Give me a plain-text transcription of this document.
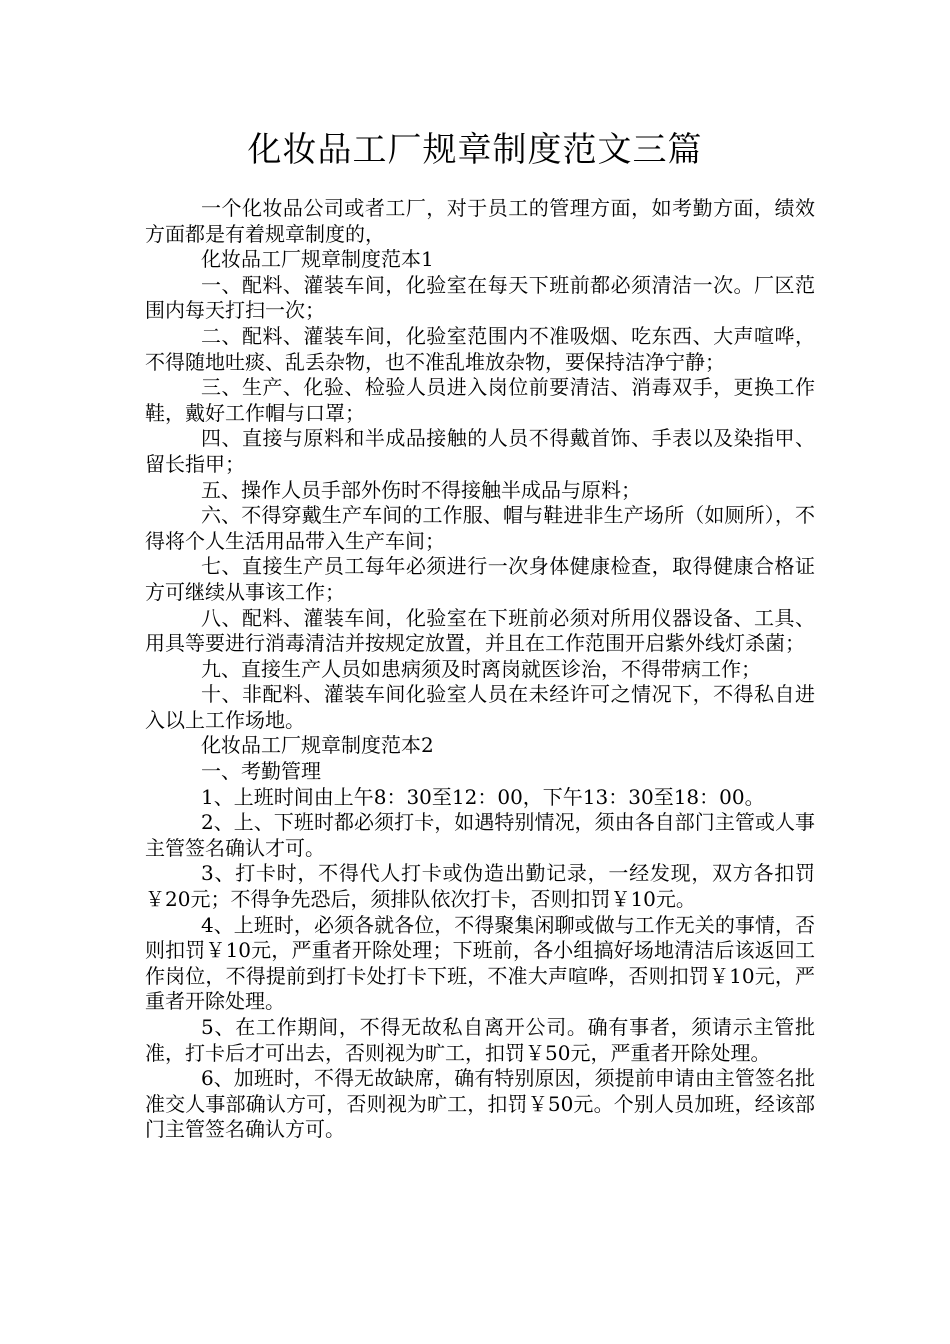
化妆品工厂规章制度范文三篇

一个化妆品公司或者工厂，对于员工的管理方面，如考勤方面，绩效方面都是有着规章制度的，

化妆品工厂规章制度范本1

一、配料、灌装车间，化验室在每天下班前都必须清洁一次。厂区范围内每天打扫一次；

二、配料、灌装车间，化验室范围内不准吸烟、吃东西、大声喧哗，不得随地吐痰、乱丢杂物，也不准乱堆放杂物，要保持洁净宁静；

三、生产、化验、检验人员进入岗位前要清洁、消毒双手，更换工作鞋，戴好工作帽与口罩；

四、直接与原料和半成品接触的人员不得戴首饰、手表以及染指甲、留长指甲；

五、操作人员手部外伤时不得接触半成品与原料；

六、不得穿戴生产车间的工作服、帽与鞋进非生产场所（如厕所），不得将个人生活用品带入生产车间；

七、直接生产员工每年必须进行一次身体健康检查，取得健康合格证方可继续从事该工作；

八、配料、灌装车间，化验室在下班前必须对所用仪器设备、工具、用具等要进行消毒清洁并按规定放置，并且在工作范围开启紫外线灯杀菌；

九、直接生产人员如患病须及时离岗就医诊治，不得带病工作；

十、非配料、灌装车间化验室人员在未经许可之情况下，不得私自进入以上工作场地。

化妆品工厂规章制度范本2

一、考勤管理

1、上班时间由上午8：30至12：00，下午13：30至18：00。

2、上、下班时都必须打卡，如遇特别情况，须由各自部门主管或人事主管签名确认才可。

3、打卡时，不得代人打卡或伪造出勤记录，一经发现，双方各扣罚￥20元；不得争先恐后，须排队依次打卡，否则扣罚￥10元。

4、上班时，必须各就各位，不得聚集闲聊或做与工作无关的事情，否则扣罚￥10元，严重者开除处理；下班前，各小组搞好场地清洁后该返回工作岗位，不得提前到打卡处打卡下班，不准大声喧哗，否则扣罚￥10元，严重者开除处理。

5、在工作期间，不得无故私自离开公司。确有事者，须请示主管批准，打卡后才可出去，否则视为旷工，扣罚￥50元，严重者开除处理。

6、加班时，不得无故缺席，确有特别原因，须提前申请由主管签名批准交人事部确认方可，否则视为旷工，扣罚￥50元。个别人员加班，经该部门主管签名确认方可。
